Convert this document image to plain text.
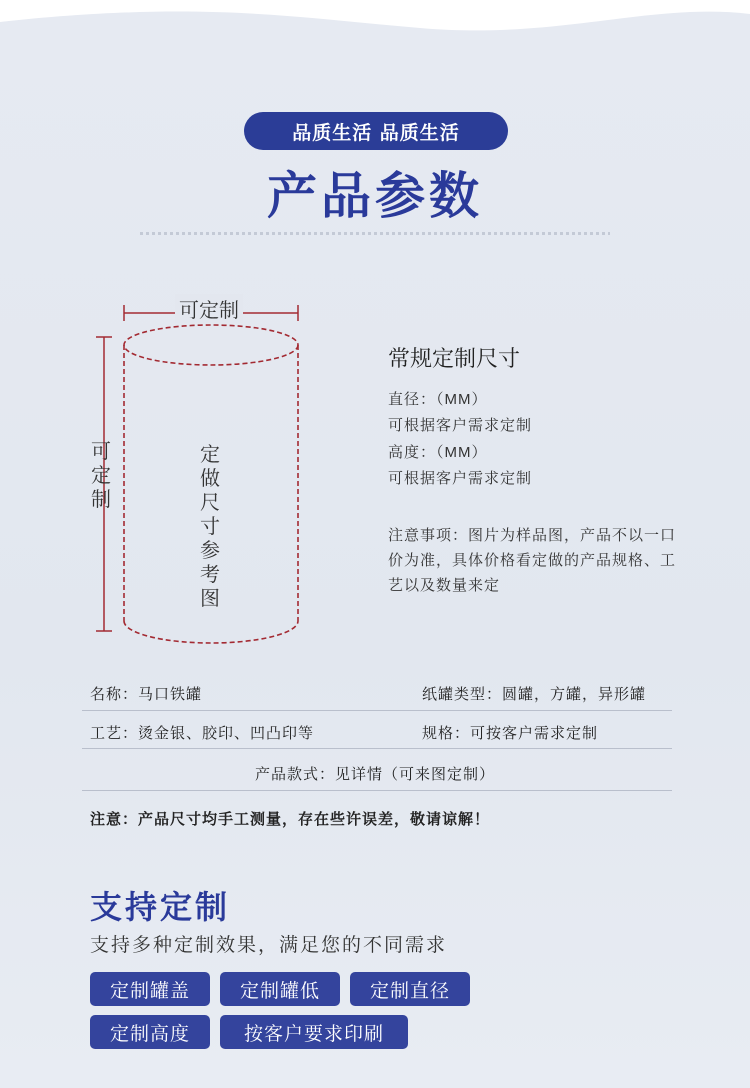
品质生活 品质生活
产品参数
可定制
可定制
定做尺寸参考图
常规定制尺寸
直径：（MM）
可根据客户需求定制
高度：（MM）
可根据客户需求定制
注意事项：图片为样品图，产品不以一口
价为准，具体价格看定做的产品规格、工
艺以及数量来定
名称：马口铁罐	纸罐类型：圆罐，方罐，异形罐
工艺：烫金银、胶印、凹凸印等	规格：可按客户需求定制
产品款式：见详情（可来图定制）
注意：产品尺寸均手工测量，存在些许误差，敬请谅解！
支持定制
支持多种定制效果，满足您的不同需求
定制罐盖	定制罐低	定制直径
定制高度	按客户要求印刷
